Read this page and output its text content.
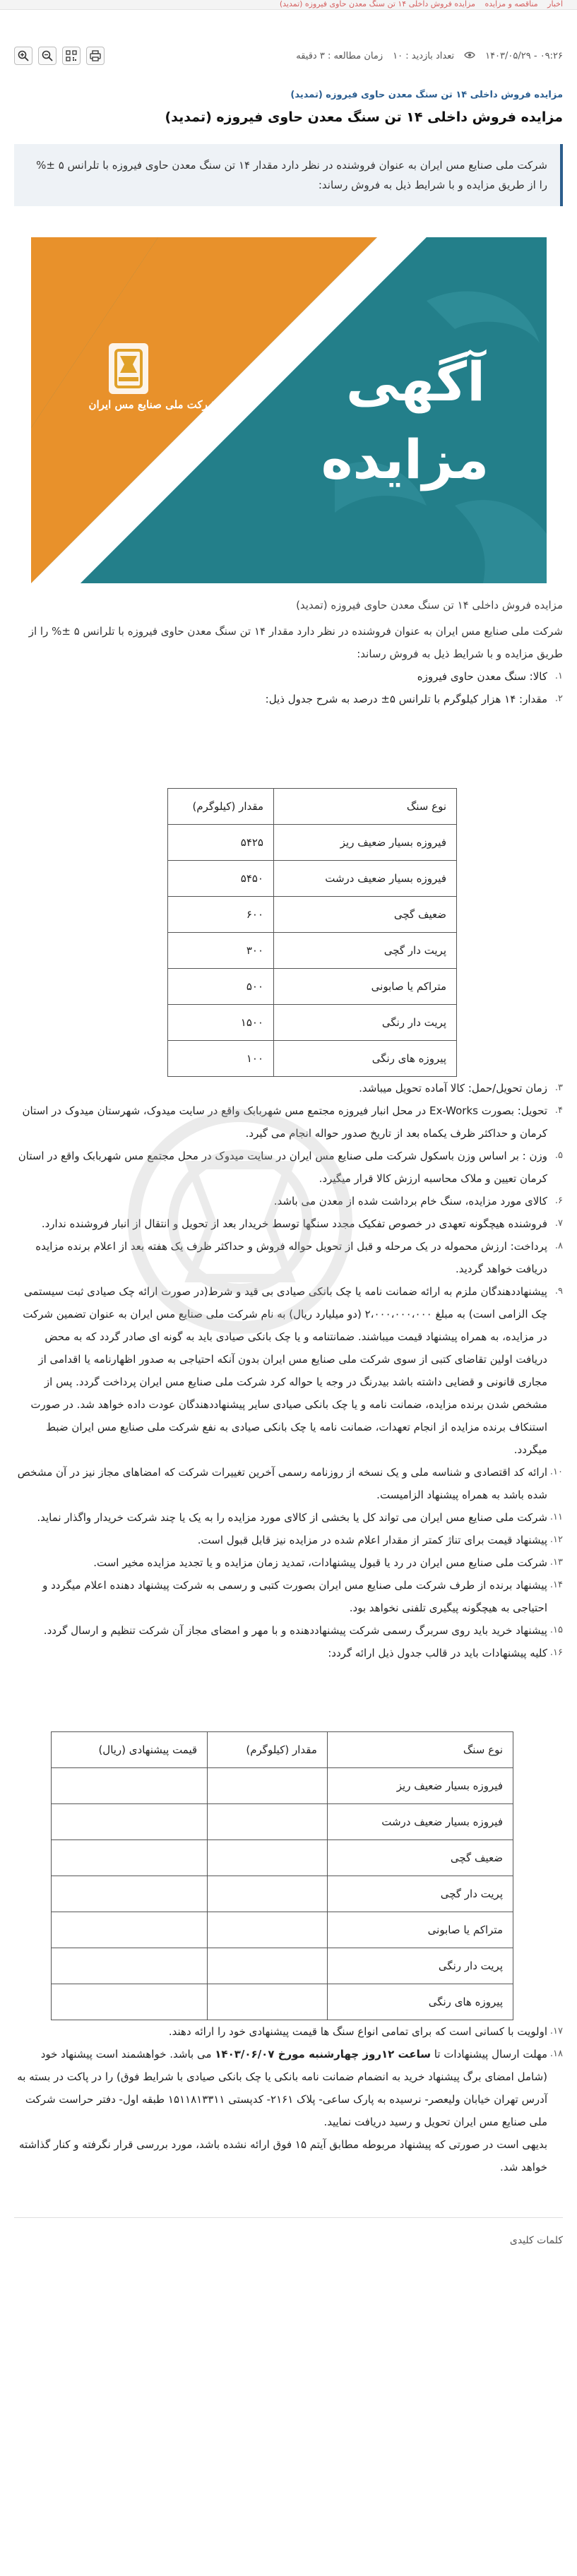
اخبار مناقصه و مزایده مزایده فروش داخلی ۱۴ تن سنگ معدن حاوی فیروزه (تمدید)
۰۹:۲۶ - ۱۴۰۳/۰۵/۲۹
تعداد بازدید : ۱۰
زمان مطالعه : ۳ دقیقه
مزایده فروش داخلی ۱۴ تن سنگ معدن حاوی فیروزه (تمدید)
مزایده فروش داخلی ۱۴ تن سنگ معدن حاوی فیروزه (تمدید)

شرکت ملی صنایع مس ایران به عنوان فروشنده در نظر دارد مقدار ۱۴ تن سنگ معدن حاوی فیروزه با تلرانس ۵ ‎%±‎ را از طریق مزایده و با شرایط ذیل به فروش رساند:

شرکت ملی صنایع مس ایران	آگهی
مزایده

مزایده فروش داخلی ۱۴ تن سنگ معدن حاوی فیروزه (تمدید)

شرکت ملی صنایع مس ایران به عنوان فروشنده در نظر دارد مقدار ۱۴ تن سنگ معدن حاوی فیروزه با تلرانس ۵ ‎%±‎ را از طریق مزایده و با شرایط ذیل به فروش رساند:

۱.
کالا: سنگ معدن حاوی فیروزه
۲.
مقدار: ۱۴ هزار کیلوگرم با تلرانس ‎±۵‎ درصد به شرح جدول ذیل:
نوع سنگ	مقدار (کیلوگرم)
فیروزه بسیار ضعیف ریز	۵۴۲۵
فیروزه بسیار ضعیف درشت	۵۴۵۰
ضعیف گچی	۶۰۰
پریت دار گچی	۳۰۰
متراکم یا صابونی	۵۰۰
پریت دار رنگی	۱۵۰۰
پیروزه های رنگی	۱۰۰
۳.
زمان تحویل/حمل: کالا آماده تحویل میباشد.
۴.
تحویل: بصورت Ex-Works در محل انبار فیروزه مجتمع مس شهربابک واقع در سایت میدوک، شهرستان میدوک در استان کرمان و حداکثر ظرف یکماه بعد از تاریخ صدور حواله انجام می گیرد.
۵.
وزن : بر اساس وزن باسکول شرکت ملی صنایع مس ایران در سایت میدوک در محل مجتمع مس شهربابک واقع در استان کرمان تعیین و ملاک محاسبه ارزش کالا قرار میگیرد.
۶.
کالای مورد مزایده، سنگ خام برداشت شده از معدن می باشد.
۷.
فروشنده هیچگونه تعهدی در خصوص تفکیک مجدد سنگها توسط خریدار بعد از تحویل و انتقال از انبار فروشنده ندارد.
۸.
پرداخت: ارزش محموله در یک مرحله و قبل از تحویل حواله فروش و حداکثر ظرف یک هفته بعد از اعلام برنده مزایده دریافت خواهد گردید.
۹.
پیشنهاددهندگان ملزم به ارائه ضمانت نامه یا چک بانکی صیادی بی قید و شرط(در صورت ارائه چک صیادی ثبت سیستمی چک الزامی است) به مبلغ ۲،۰۰۰،۰۰۰،۰۰۰ (دو میلیارد ریال) به نام شرکت ملی صنایع مس ایران به عنوان تضمین شرکت در مزایده، به همراه پیشنهاد قیمت میباشند. ضمانتنامه و یا چک بانکی صیادی باید به گونه ای صادر گردد که به محض دریافت اولین تقاضای کتبی از سوی شرکت ملی صنایع مس ایران بدون آنکه احتیاجی به صدور اظهارنامه یا اقدامی از مجاری قانونی و قضایی داشته باشد بیدرنگ در وجه یا حواله کرد شرکت ملی صنایع مس ایران پرداخت گردد. پس از مشخص شدن برنده مزایده، ضمانت نامه و یا چک بانکی صیادی سایر پیشنهاددهندگان عودت داده خواهد شد. در صورت استنکاف برنده مزایده از انجام تعهدات، ضمانت نامه یا چک بانکی صیادی به نفع شرکت ملی صنایع مس ایران ضبط میگردد.
۱۰.
ارائه کد اقتصادی و شناسه ملی و یک نسخه از روزنامه رسمی آخرین تغییرات شرکت که امضاهای مجاز نیز در آن مشخص شده باشد به همراه پیشنهاد الزامیست.
۱۱.
شرکت ملی صنایع مس ایران می تواند کل یا بخشی از کالای مورد مزایده را به یک یا چند شرکت خریدار واگذار نماید.
۱۲.
پیشنهاد قیمت برای تناژ کمتر از مقدار اعلام شده در مزایده نیز قابل قبول است.
۱۳.
شرکت ملی صنایع مس ایران در رد یا قبول پیشنهادات، تمدید زمان مزایده و یا تجدید مزایده مخیر است.
۱۴.
پیشنهاد برنده از طرف شرکت ملی صنایع مس ایران بصورت کتبی و رسمی به شرکت پیشنهاد دهنده اعلام میگردد و احتیاجی به هیچگونه پیگیری تلفنی نخواهد بود.
۱۵.
پیشنهاد خرید باید روی سربرگ رسمی شرکت پیشنهاددهنده و با مهر و امضای مجاز آن شرکت تنظیم و ارسال گردد.
۱۶.
کلیه پیشنهادات باید در قالب جدول ذیل ارائه گردد:
نوع سنگ	مقدار (کیلوگرم)	قیمت پیشنهادی (ریال)
فیروزه بسیار ضعیف ریز		
فیروزه بسیار ضعیف درشت		
ضعیف گچی		
پریت دار گچی		
متراکم یا صابونی		
پریت دار رنگی		
پیروزه های رنگی		
۱۷.
اولویت با کسانی است که برای تمامی انواع سنگ ها قیمت پیشنهادی خود را ارائه دهند.
۱۸.
مهلت ارسال پیشنهادات تا ساعت ۱۲روز چهارشنبه مورخ ۱۴۰۳/۰۶/۰۷ می باشد. خواهشمند است پیشنهاد خود (شامل امضای برگ پیشنهاد خرید به انضمام ضمانت نامه بانکی یا چک بانکی صیادی با شرایط فوق) را در پاکت در بسته به آدرس تهران خیابان ولیعصر- نرسیده به پارک ساعی- پلاک ۲۱۶۱- کدپستی ۱۵۱۱۸۱۳۳۱۱ طبقه اول- دفتر حراست شرکت ملی صنایع مس ایران تحویل و رسید دریافت نمایید.
بدیهی است در صورتی که پیشنهاد مربوطه مطابق آیتم ۱۵ فوق ارائه نشده باشد، مورد بررسی قرار نگرفته و کنار گذاشته خواهد شد.
کلمات کلیدی
